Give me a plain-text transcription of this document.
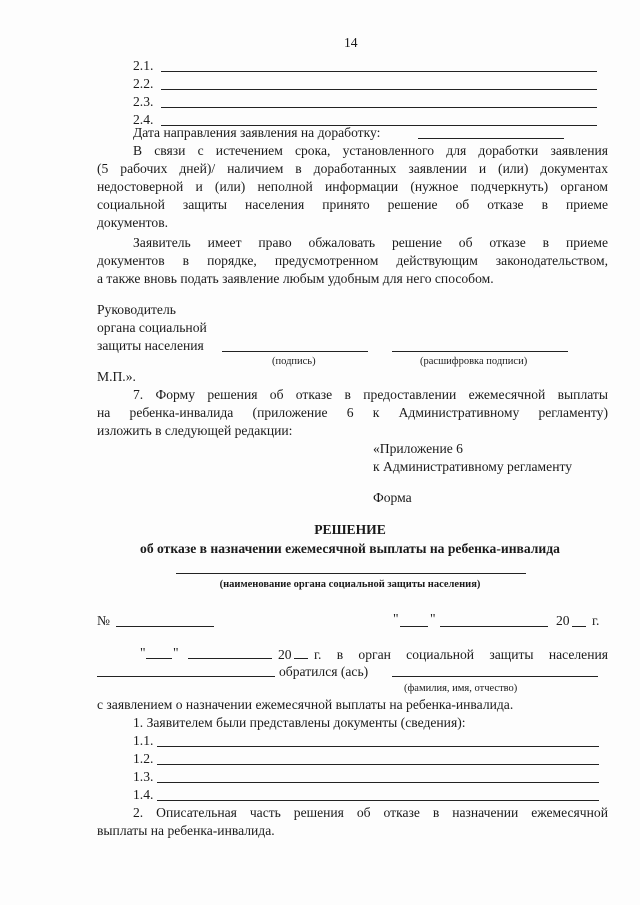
14
2.1.
2.2.
2.3.
2.4.
Дата направления заявления на доработку:
В связи с истечением срока, установленного для доработки заявления
(5 рабочих дней)/ наличием в доработанных заявлении и (или) документах
недостоверной и (или) неполной информации (нужное подчеркнуть) органом
социальной защиты населения принято решение об отказе в приеме
документов.
Заявитель имеет право обжаловать решение об отказе в приеме
документов в порядке, предусмотренном действующим законодательством,
а также вновь подать заявление любым удобным для него способом.
Руководитель
органа социальной
защиты населения
(подпись)	(расшифровка подписи)
М.П.».
7. Форму решения об отказе в предоставлении ежемесячной выплаты
на ребенка-инвалида (приложение 6 к Административному регламенту)
изложить в следующей редакции:
«Приложение 6
к Административному регламенту
Форма
РЕШЕНИЕ
об отказе в назначении ежемесячной выплаты на ребенка-инвалида
(наименование органа социальной защиты населения)
№	" "	20 г.
" "	20 г. в орган социальной защиты населения
обратился (ась)
(фамилия, имя, отчество)
с заявлением о назначении ежемесячной выплаты на ребенка-инвалида.
1. Заявителем были представлены документы (сведения):
1.1.
1.2.
1.3.
1.4.
2. Описательная часть решения об отказе в назначении ежемесячной
выплаты на ребенка-инвалида.
